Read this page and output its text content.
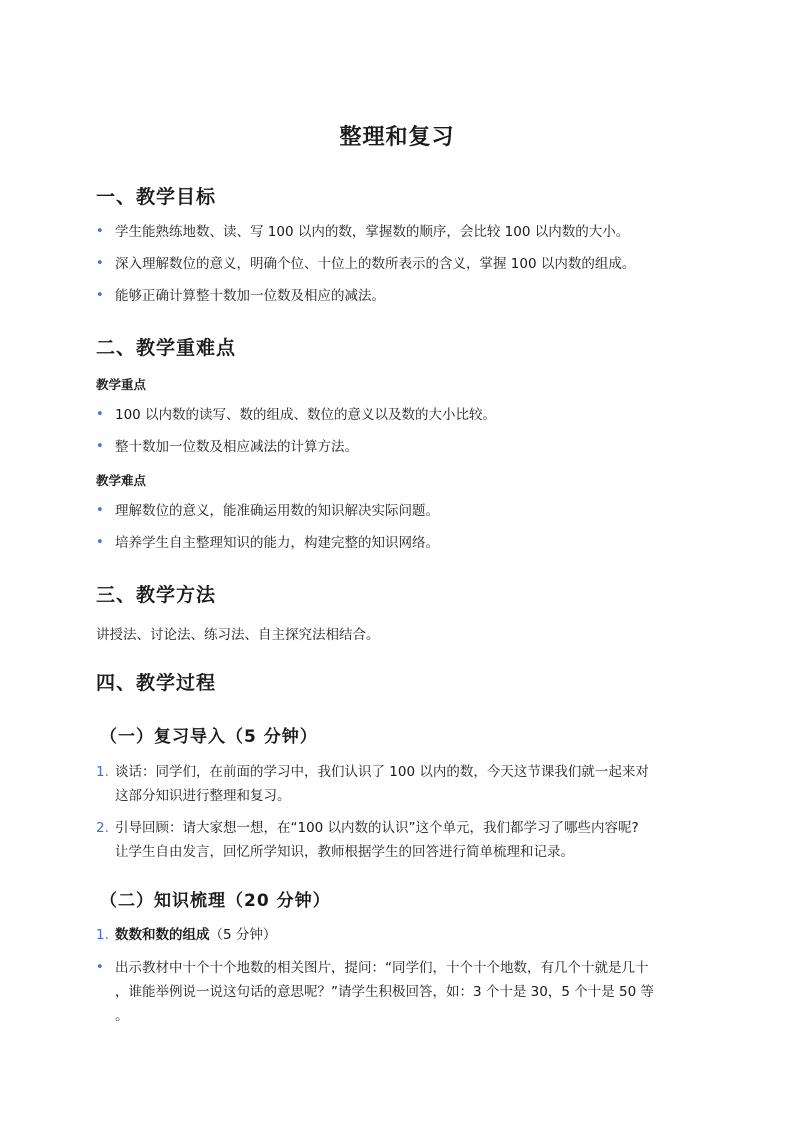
整理和复习
一、教学目标
• 学生能熟练地数、读、写 100 以内的数，掌握数的顺序，会比较 100 以内数的大小。
• 深入理解数位的意义，明确个位、十位上的数所表示的含义，掌握 100 以内数的组成。
• 能够正确计算整十数加一位数及相应的减法。
二、教学重难点
教学重点
• 100 以内数的读写、数的组成、数位的意义以及数的大小比较。
• 整十数加一位数及相应减法的计算方法。
教学难点
• 理解数位的意义，能准确运用数的知识解决实际问题。
• 培养学生自主整理知识的能力，构建完整的知识网络。
三、教学方法
讲授法、讨论法、练习法、自主探究法相结合。
四、教学过程
（一）复习导入（5 分钟）
1. 谈话：同学们，在前面的学习中，我们认识了 100 以内的数，今天这节课我们就一起来对
这部分知识进行整理和复习。
2. 引导回顾：请大家想一想，在“100 以内数的认识”这个单元，我们都学习了哪些内容呢?
让学生自由发言，回忆所学知识，教师根据学生的回答进行简单梳理和记录。
（二）知识梳理（20 分钟）
1. 数数和数的组成（5 分钟）
• 出示教材中十个十个地数的相关图片，提问：“同学们，十个十个地数，有几个十就是几十
，谁能举例说一说这句话的意思呢？”请学生积极回答，如：3 个十是 30，5 个十是 50 等
。
